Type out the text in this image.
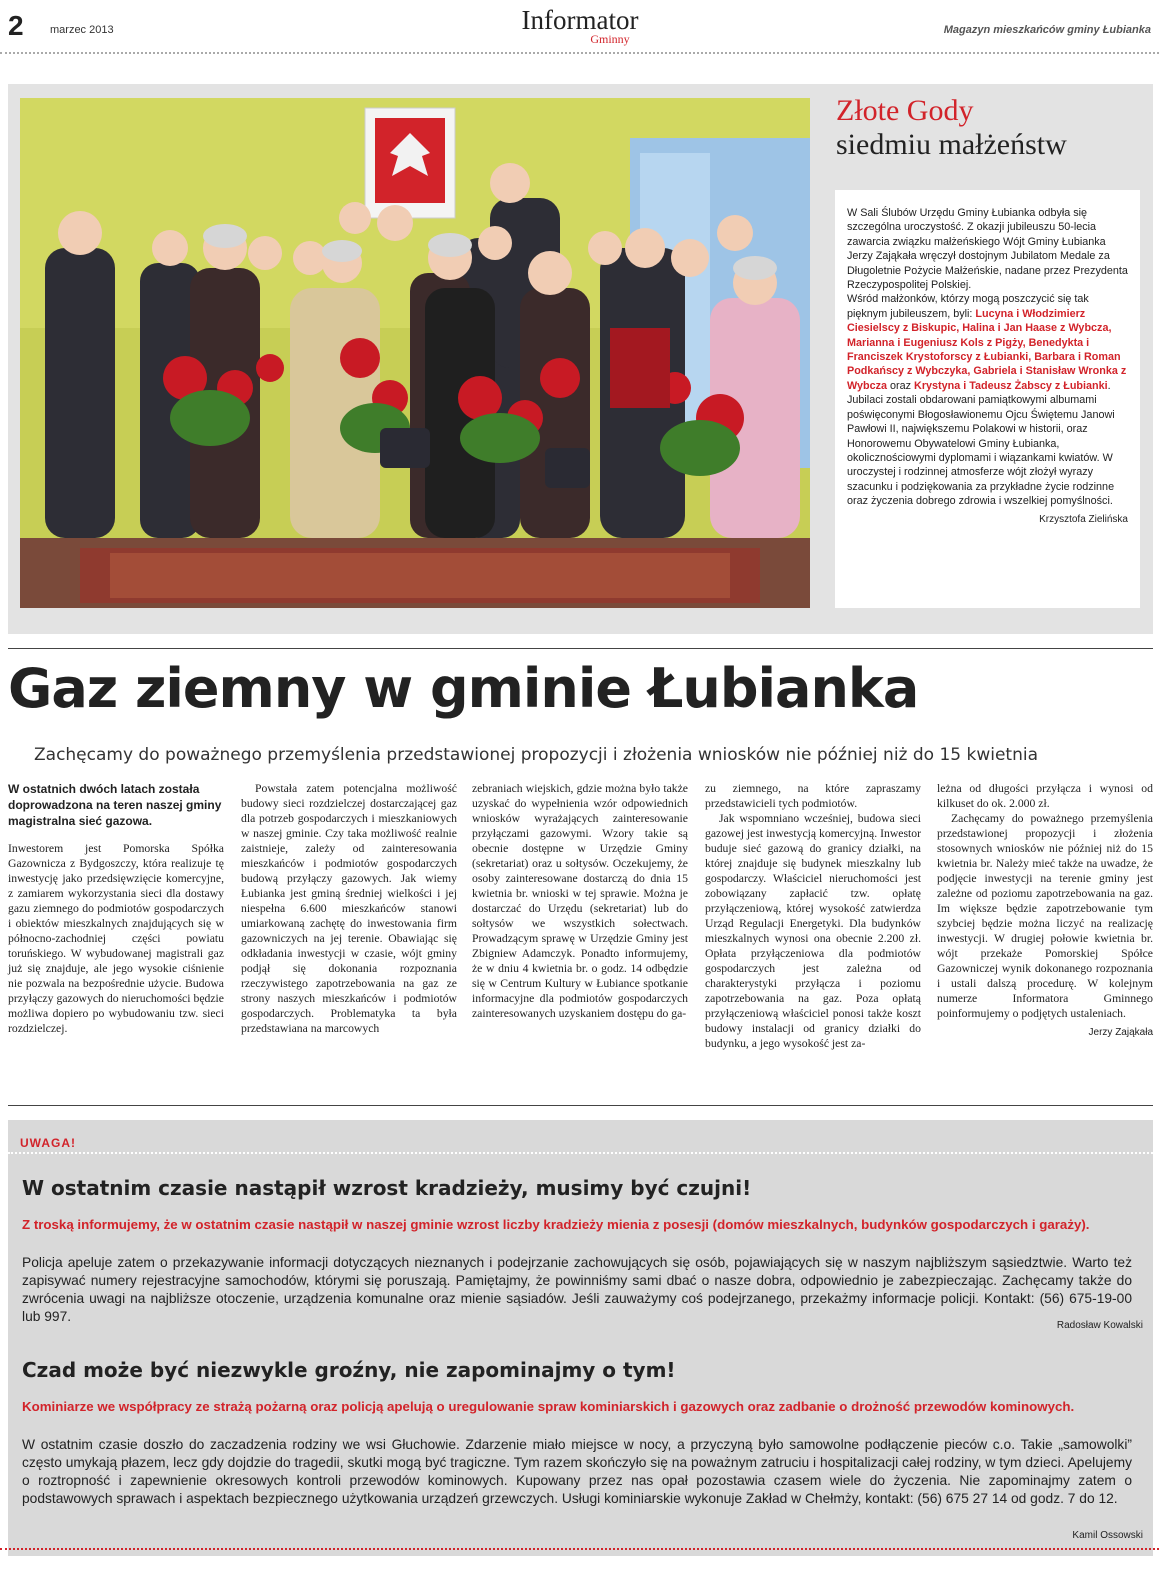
2 marzec 2013	Informator
Gminny
Magazyn mieszkańców gminy Łubianka
Złote Gody
siedmiu małżeństw

W Sali Ślubów Urzędu Gminy Łubianka odbyła się szczególna uroczystość. Z okazji jubileuszu 50-lecia zawarcia związku małżeńskiego Wójt Gminy Łubianka Jerzy Zająkała wręczył dostojnym Jubilatom Medale za Długoletnie Pożycie Małżeńskie, nadane przez Prezydenta Rzeczypospolitej Polskiej.

Wśród małżonków, którzy mogą poszczycić się tak pięknym jubileuszem, byli: Lucyna i Włodzimierz Ciesielscy z Biskupic, Halina i Jan Haase z Wybcza, Marianna i Eugeniusz Kols z Pigży, Benedykta i Franciszek Krystoforscy z Łubianki, Barbara i Roman Podkańscy z Wybczyka, Gabriela i Stanisław Wronka z Wybcza oraz Krystyna i Tadeusz Żabscy z Łubianki.

Jubilaci zostali obdarowani pamiątkowymi albumami poświęconymi Błogosławionemu Ojcu Świętemu Janowi Pawłowi II, największemu Polakowi w historii, oraz Honorowemu Obywatelowi Gminy Łubianka, okolicznościowymi dyplomami i wiązankami kwiatów. W uroczystej i rodzinnej atmosferze wójt złożył wyrazy szacunku i podziękowania za przykładne życie rodzinne oraz życzenia dobrego zdrowia i wszelkiej pomyślności.

Krzysztofa Zielińska
Gaz ziemny w gminie Łubianka
Zachęcamy do poważnego przemyślenia przedstawionej propozycji i złożenia wniosków nie później niż do 15 kwietnia
W ostatnich dwóch latach została doprowadzona na teren naszej gminy magistralna sieć gazowa.

Inwestorem jest Pomorska Spółka Gazownicza z Bydgoszczy, która realizuje tę inwestycję jako przedsięwzięcie komercyjne, z zamiarem wykorzystania sieci dla dostawy gazu ziemnego do podmiotów gospodarczych i obiektów mieszkalnych znajdujących się w północno-zachodniej części powiatu toruńskiego. W wybudowanej magistrali gaz już się znajduje, ale jego wysokie ciśnienie nie pozwala na bezpośrednie użycie. Budowa przyłączy gazowych do nieruchomości będzie możliwa dopiero po wybudowaniu tzw. sieci rozdzielczej.

Powstała zatem potencjalna możliwość budowy sieci rozdzielczej dostarczającej gaz dla potrzeb gospodarczych i mieszkaniowych w naszej gminie. Czy taka możliwość realnie zaistnieje, zależy od zainteresowania mieszkańców i podmiotów gospodarczych budową przyłączy gazowych. Jak wiemy Łubianka jest gminą średniej wielkości i jej niespełna 6.600 mieszkańców stanowi umiarkowaną zachętę do inwestowania firm gazowniczych na jej terenie. Obawiając się odkładania inwestycji w czasie, wójt gminy podjął się dokonania rozpoznania rzeczywistego zapotrzebowania na gaz ze strony naszych mieszkańców i podmiotów gospodarczych. Problematyka ta była przedstawiana na marcowych

zebraniach wiejskich, gdzie można było także uzyskać do wypełnienia wzór odpowiednich wniosków wyrażających zainteresowanie przyłączami gazowymi. Wzory takie są obecnie dostępne w Urzędzie Gminy (sekretariat) oraz u sołtysów. Oczekujemy, że osoby zainteresowane dostarczą do dnia 15 kwietnia br. wnioski w tej sprawie. Można je dostarczać do Urzędu (sekretariat) lub do sołtysów we wszystkich sołectwach. Prowadzącym sprawę w Urzędzie Gminy jest Zbigniew Adamczyk. Ponadto informujemy, że w dniu 4 kwietnia br. o godz. 14 odbędzie się w Centrum Kultury w Łubiance spotkanie informacyjne dla podmiotów gospodarczych zainteresowanych uzyskaniem dostępu do ga-

zu ziemnego, na które zapraszamy przedstawicieli tych podmiotów.

Jak wspomniano wcześniej, budowa sieci gazowej jest inwestycją komercyjną. Inwestor buduje sieć gazową do granicy działki, na której znajduje się budynek mieszkalny lub gospodarczy. Właściciel nieruchomości jest zobowiązany zapłacić tzw. opłatę przyłączeniową, której wysokość zatwierdza Urząd Regulacji Energetyki. Dla budynków mieszkalnych wynosi ona obecnie 2.200 zł. Opłata przyłączeniowa dla podmiotów gospodarczych jest zależna od charakterystyki przyłącza i poziomu zapotrzebowania na gaz. Poza opłatą przyłączeniową właściciel ponosi także koszt budowy instalacji od granicy działki do budynku, a jego wysokość jest za-

leżna od długości przyłącza i wynosi od kilkuset do ok. 2.000 zł.

Zachęcamy do poważnego przemyślenia przedstawionej propozycji i złożenia stosownych wniosków nie później niż do 15 kwietnia br. Należy mieć także na uwadze, że podjęcie inwestycji na terenie gminy jest zależne od poziomu zapotrzebowania na gaz. Im większe będzie zapotrzebowanie tym szybciej będzie można liczyć na realizację inwestycji. W drugiej połowie kwietnia br. wójt przekaże Pomorskiej Spółce Gazowniczej wynik dokonanego rozpoznania i ustali dalszą procedurę. W kolejnym numerze Informatora Gminnego poinformujemy o podjętych ustaleniach.

Jerzy Zająkała
UWAGA!
W ostatnim czasie nastąpił wzrost kradzieży, musimy być czujni!
Z troską informujemy, że w ostatnim czasie nastąpił w naszej gminie wzrost liczby kradzieży mienia z posesji (domów mieszkalnych, budynków gospodarczych i garaży).
Policja apeluje zatem o przekazywanie informacji dotyczących nieznanych i podejrzanie zachowujących się osób, pojawiających się w naszym najbliższym sąsiedztwie. Warto też zapisywać numery rejestracyjne samochodów, którymi się poruszają. Pamiętajmy, że powinniśmy sami dbać o nasze dobra, odpowiednio je zabezpieczając. Zachęcamy także do zwrócenia uwagi na najbliższe otoczenie, urządzenia komunalne oraz mienie sąsiadów. Jeśli zauważymy coś podejrzanego, przekażmy informacje policji. Kontakt: (56) 675-19-00 lub 997.
Radosław Kowalski
Czad może być niezwykle groźny, nie zapominajmy o tym!
Kominiarze we współpracy ze strażą pożarną oraz policją apelują o uregulowanie spraw kominiarskich i gazowych oraz zadbanie o drożność przewodów kominowych.
W ostatnim czasie doszło do zaczadzenia rodziny we wsi Głuchowie. Zdarzenie miało miejsce w nocy, a przyczyną było samowolne podłączenie pieców c.o. Takie „samowolki” często umykają płazem, lecz gdy dojdzie do tragedii, skutki mogą być tragiczne. Tym razem skończyło się na poważnym zatruciu i hospitalizacji całej rodziny, w tym dzieci. Apelujemy o roztropność i zapewnienie okresowych kontroli przewodów kominowych. Kupowany przez nas opał pozostawia czasem wiele do życzenia. Nie zapominajmy zatem o podstawowych sprawach i aspektach bezpiecznego użytkowania urządzeń grzewczych. Usługi kominiarskie wykonuje Zakład w Chełmży, kontakt: (56) 675 27 14 od godz. 7 do 12.
Kamil Ossowski
